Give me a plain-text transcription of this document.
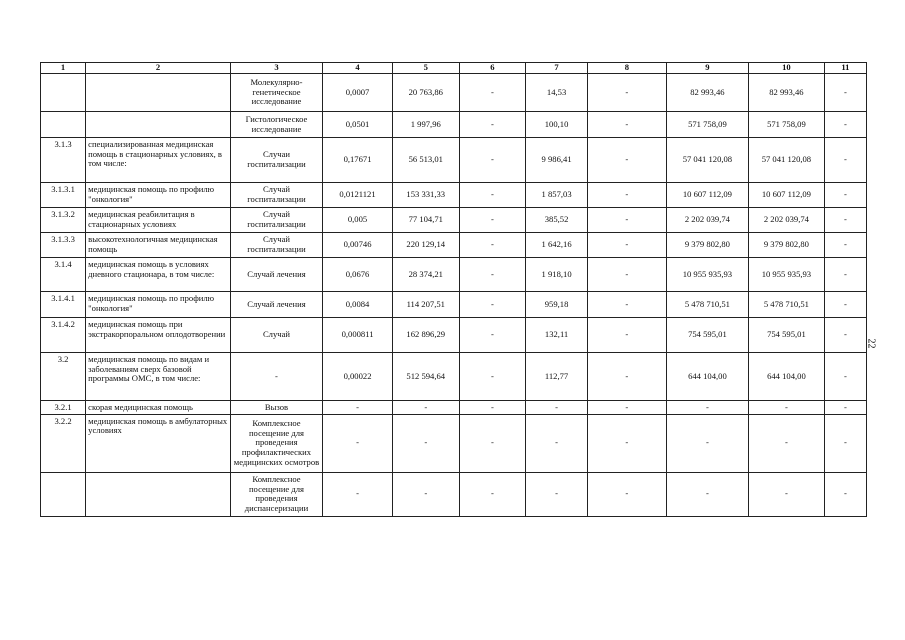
1	2	3	4	5	6	7	8	9	10	11
		Молекулярно-генетическое исследование	0,0007	20 763,86	-	14,53	-	82 993,46	82 993,46	-
		Гистологическое исследование	0,0501	1 997,96	-	100,10	-	571 758,09	571 758,09	-
3.1.3	специализированная медицинская помощь в стационарных условиях, в том числе:	Случаи госпитализации	0,17671	56 513,01	-	9 986,41	-	57 041 120,08	57 041 120,08	-
3.1.3.1	медицинская помощь по профилю "онкология"	Случай госпитализации	0,0121121	153 331,33	-	1 857,03	-	10 607 112,09	10 607 112,09	-
3.1.3.2	медицинская реабилитация в стационарных условиях	Случай госпитализации	0,005	77 104,71	-	385,52	-	2 202 039,74	2 202 039,74	-
3.1.3.3	высокотехнологичная медицинская помощь	Случай госпитализации	0,00746	220 129,14	-	1 642,16	-	9 379 802,80	9 379 802,80	-
3.1.4	медицинская помощь в условиях дневного стационара, в том числе:	Случай лечения	0,0676	28 374,21	-	1 918,10	-	10 955 935,93	10 955 935,93	-
3.1.4.1	медицинская помощь по профилю "онкология"	Случай лечения	0,0084	114 207,51	-	959,18	-	5 478 710,51	5 478 710,51	-
3.1.4.2	медицинская помощь при экстракорпоральном оплодотворении	Случай	0,000811	162 896,29	-	132,11	-	754 595,01	754 595,01	-
3.2	медицинская помощь по видам и заболеваниям сверх базовой программы ОМС, в том числе:	-	0,00022	512 594,64	-	112,77	-	644 104,00	644 104,00	-
3.2.1	скорая медицинская помощь	Вызов	-	-	-	-	-	-	-	-
3.2.2	медицинская помощь в амбулаторных условиях	Комплексное посещение для проведения профилактических медицинских осмотров	-	-	-	-	-	-	-	-
		Комплексное посещение для проведения диспансеризации	-	-	-	-	-	-	-	-
22
